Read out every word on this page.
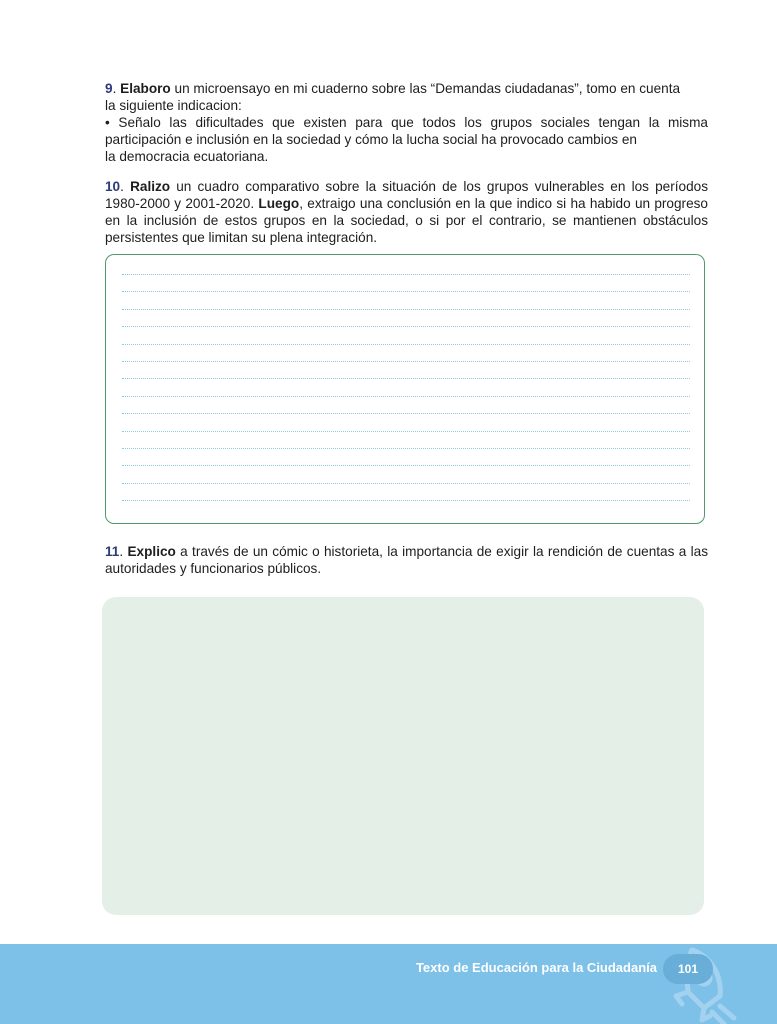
9. Elaboro un microensayo en mi cuaderno sobre las “Demandas ciudadanas”, tomo en cuenta
la siguiente indicacion:
• Señalo las dificultades que existen para que todos los grupos sociales tengan la misma participación e inclusión en la sociedad y cómo la lucha social ha provocado cambios en
la democracia ecuatoriana.

10. Ralizo un cuadro comparativo sobre la situación de los grupos vulnerables en los períodos 1980-2000 y 2001-2020. Luego, extraigo una conclusión en la que indico si ha habido un progreso en la inclusión de estos grupos en la sociedad, o si por el contrario, se mantienen obstáculos persistentes que limitan su plena integración.

11. Explico a través de un cómic o historieta, la importancia de exigir la rendición de cuentas a las autoridades y funcionarios públicos.

Texto de Educación para la Ciudadanía	101
